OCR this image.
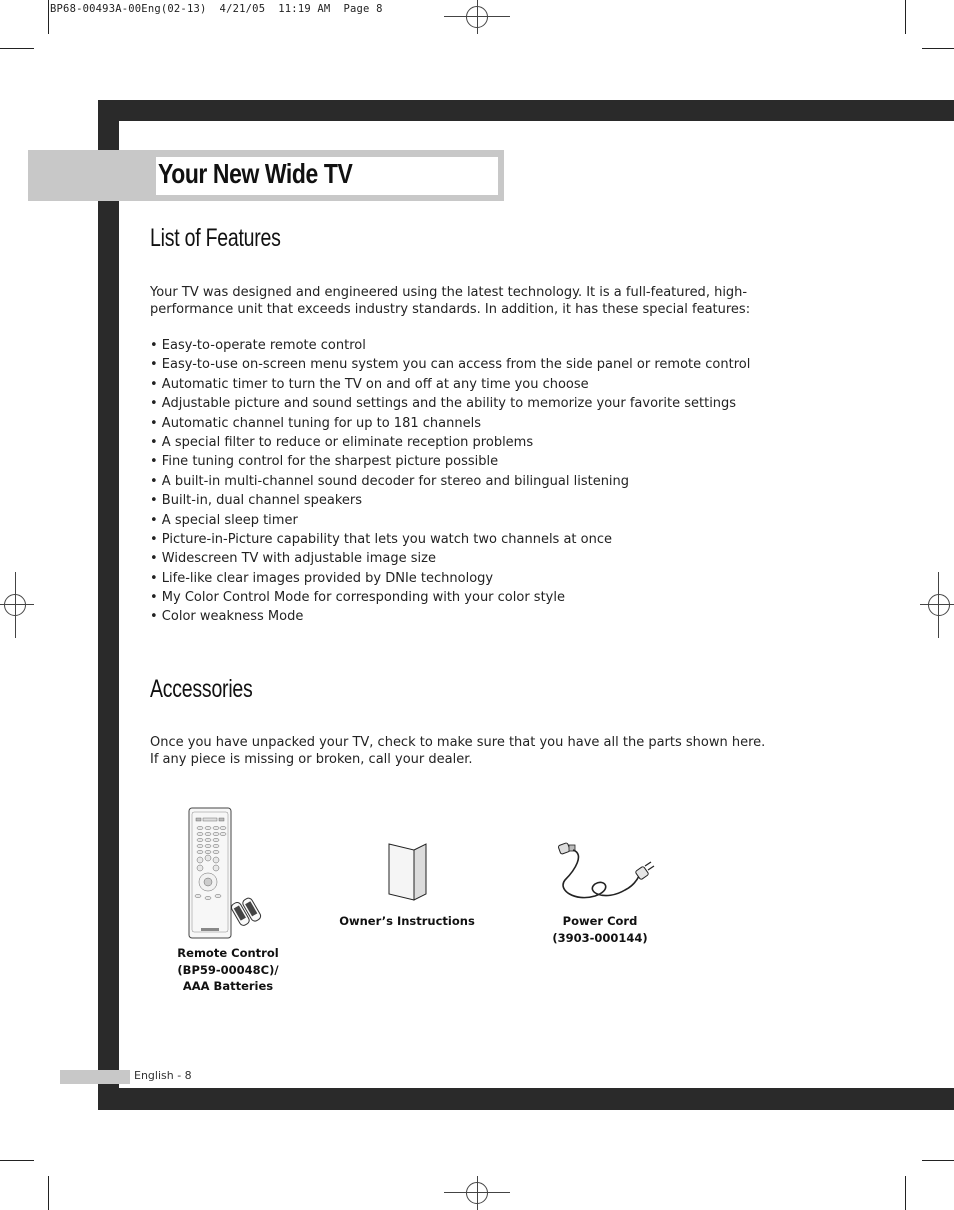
BP68-00493A-00Eng(02-13)  4/21/05  11:19 AM  Page 8
Your New Wide TV
List of Features
Your TV was designed and engineered using the latest technology. It is a full-featured, high-performance unit that exceeds industry standards. In addition, it has these special features:
• Easy-to-operate remote control
• Easy-to-use on-screen menu system you can access from the side panel or remote control
• Automatic timer to turn the TV on and off at any time you choose
• Adjustable picture and sound settings and the ability to memorize your favorite settings
• Automatic channel tuning for up to 181 channels
• A special filter to reduce or eliminate reception problems
• Fine tuning control for the sharpest picture possible
• A built-in multi-channel sound decoder for stereo and bilingual listening
• Built-in, dual channel speakers
• A special sleep timer
• Picture-in-Picture capability that lets you watch two channels at once
• Widescreen TV with adjustable image size
• Life-like clear images provided by DNIe technology
• My Color Control Mode for corresponding with your color style
• Color weakness Mode
Accessories
Once you have unpacked your TV, check to make sure that you have all the parts shown here.
If any piece is missing or broken, call your dealer.
Remote Control
(BP59-00048C)/
AAA Batteries
Owner’s Instructions	Power Cord
(3903-000144)
English - 8
